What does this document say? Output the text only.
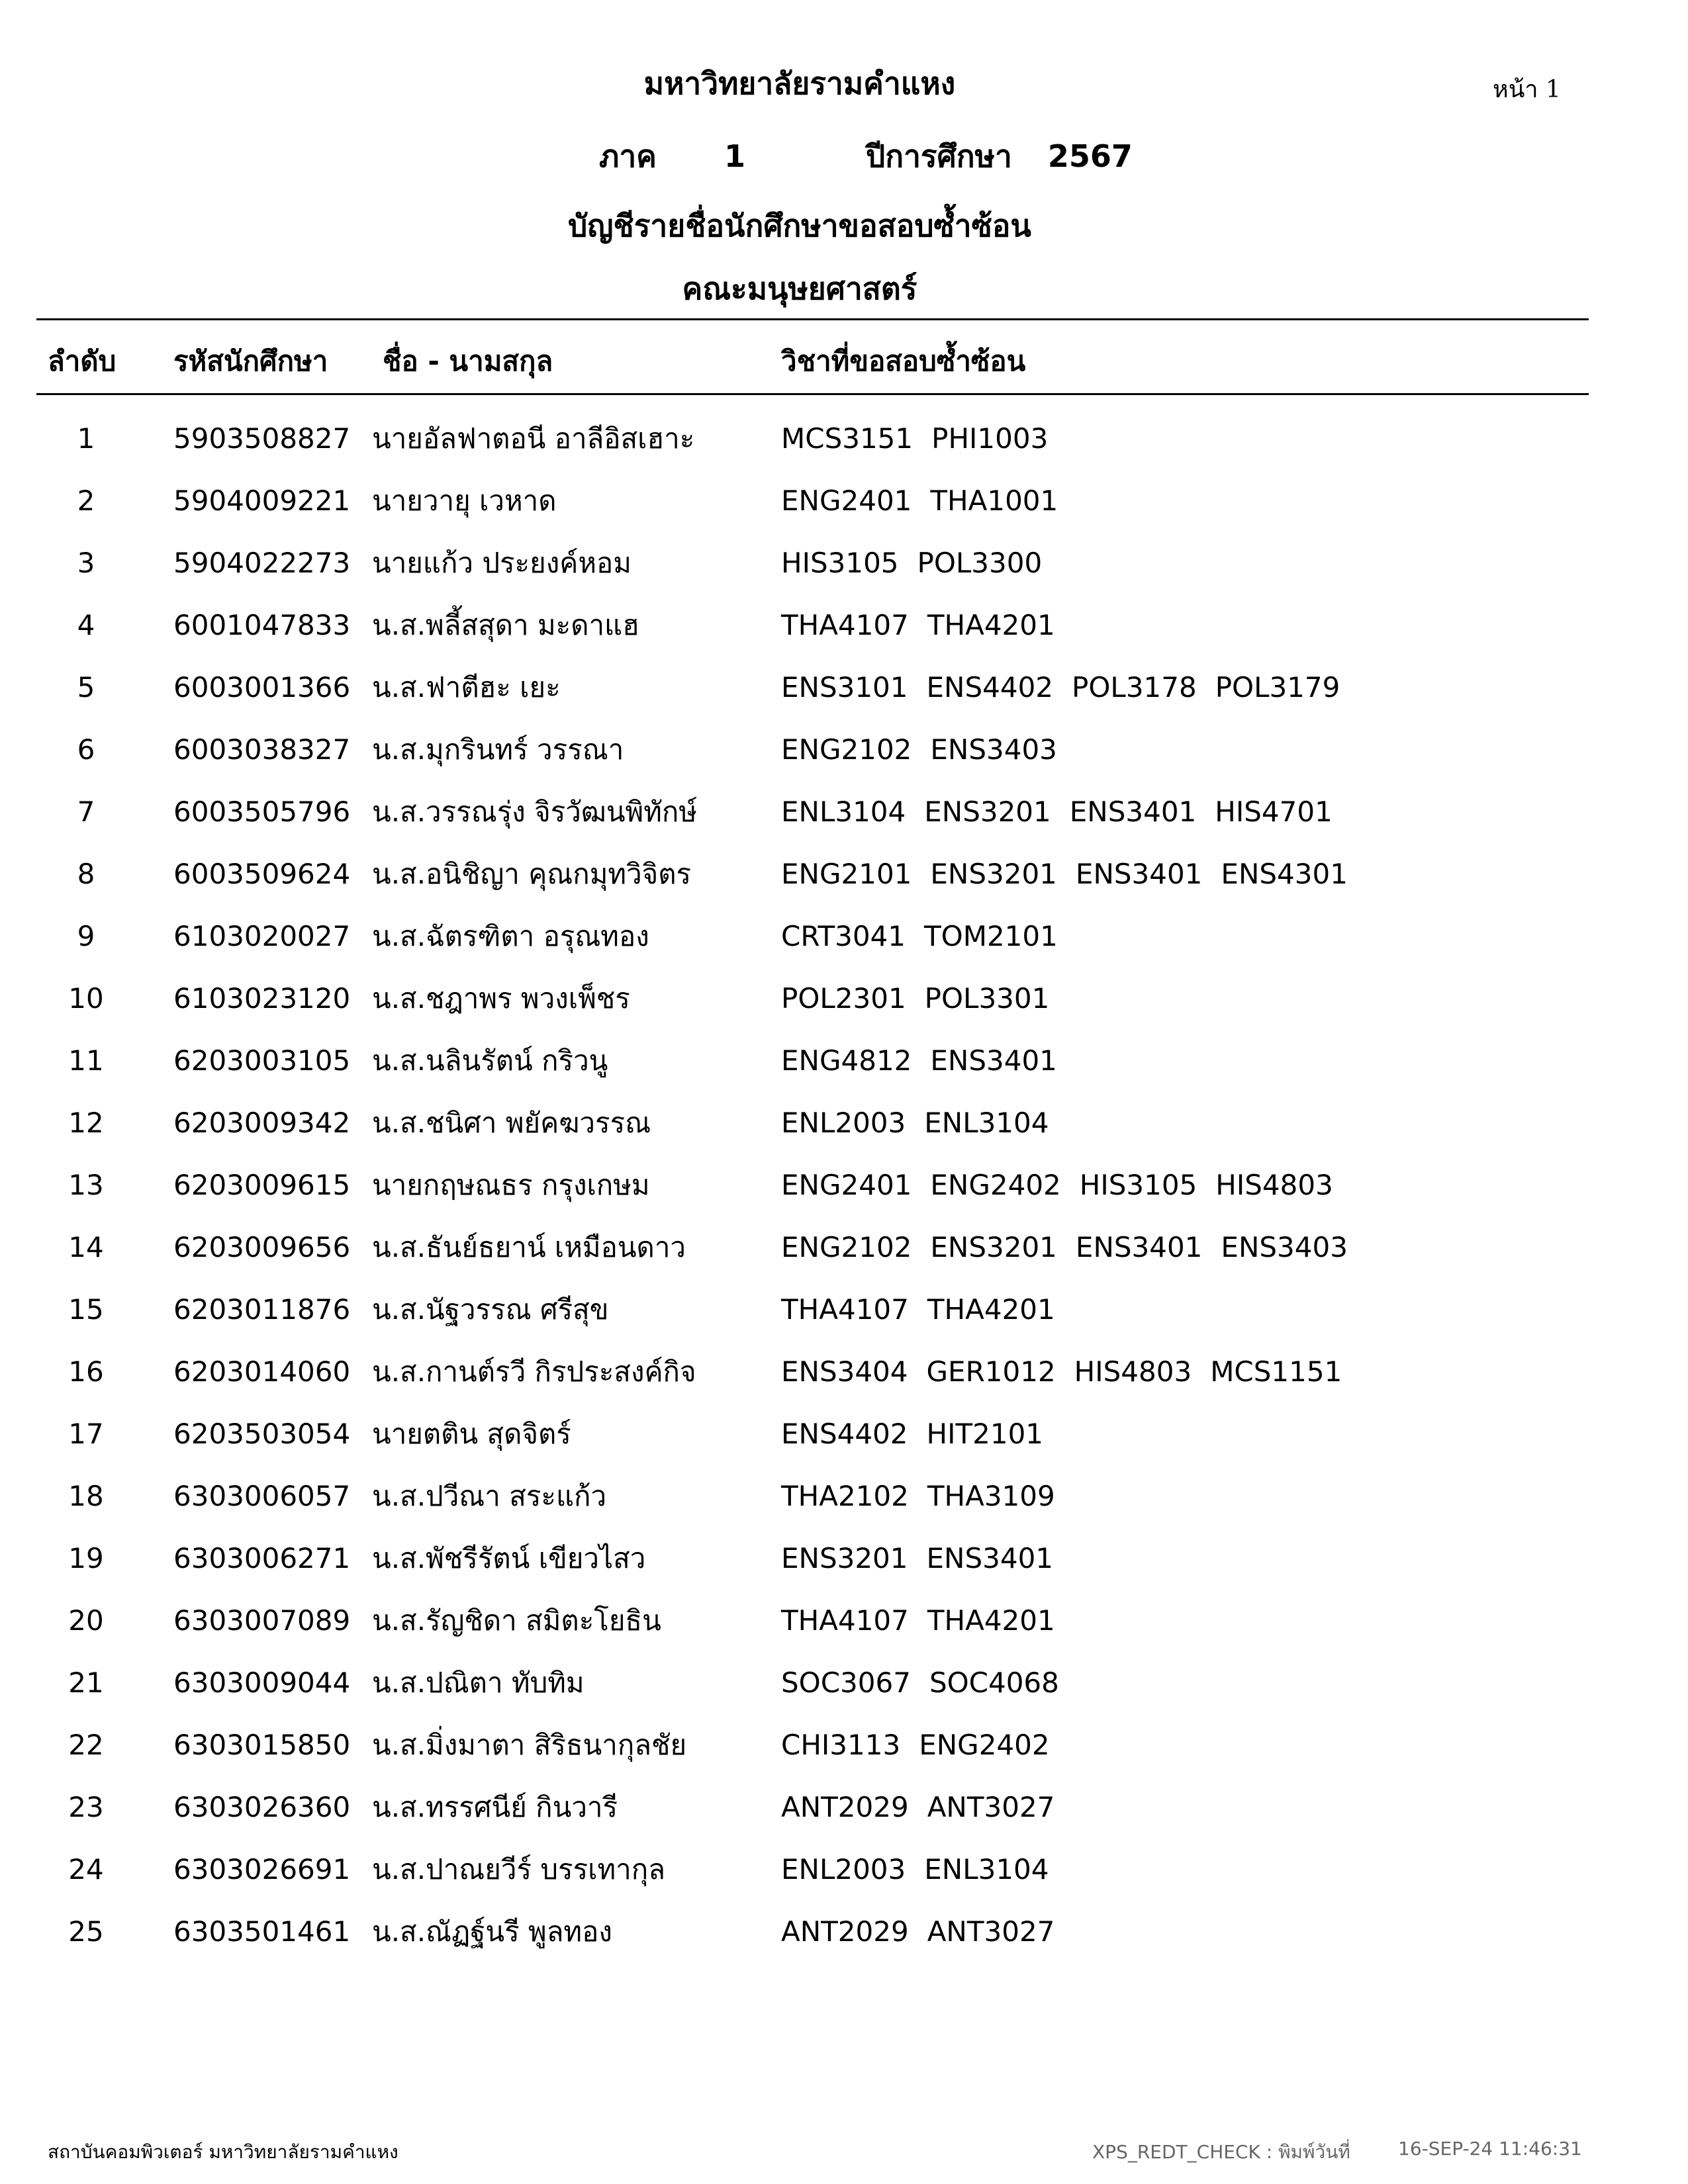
มหาวิทยาลัยรามคำแหง	หน้า 1
ภาค 1	ปีการศึกษา 2567
บัญชีรายชื่อนักศึกษาขอสอบซ้ำซ้อน
คณะมนุษยศาสตร์
ลำดับ รหัสนักศึกษา ชื่อ - นามสกุล	วิชาที่ขอสอบซ้ำซ้อน
1	5903508827 นายอัลฟาตอนี อาลีอิสเฮาะ	MCS3151 PHI1003
2	5904009221 นายวายุ เวหาด	ENG2401 THA1001
3	5904022273 นายแก้ว ประยงค์หอม	HIS3105 POL3300
4	6001047833 น.ส.พลี้สสุดา มะดาแฮ	THA4107 THA4201
5	6003001366 น.ส.ฟาตีฮะ เยะ	ENS3101 ENS4402 POL3178 POL3179
6	6003038327 น.ส.มุกรินทร์ วรรณา	ENG2102 ENS3403
7	6003505796 น.ส.วรรณรุ่ง จิรวัฒนพิทักษ์	ENL3104 ENS3201 ENS3401 HIS4701
8	6003509624 น.ส.อนิชิญา คุณกมุทวิจิตร	ENG2101 ENS3201 ENS3401 ENS4301
9	6103020027 น.ส.ฉัตรฑิตา อรุณทอง	CRT3041 TOM2101
10	6103023120 น.ส.ชฎาพร พวงเพ็ชร	POL2301 POL3301
11	6203003105 น.ส.นลินรัตน์ กริวนู	ENG4812 ENS3401
12	6203009342 น.ส.ชนิศา พยัคฆวรรณ	ENL2003 ENL3104
13	6203009615 นายกฤษณธร กรุงเกษม	ENG2401 ENG2402 HIS3105 HIS4803
14	6203009656 น.ส.ธันย์ธยาน์ เหมือนดาว	ENG2102 ENS3201 ENS3401 ENS3403
15	6203011876 น.ส.นัฐวรรณ ศรีสุข	THA4107 THA4201
16	6203014060 น.ส.กานต์รวี กิรประสงค์กิจ	ENS3404 GER1012 HIS4803 MCS1151
17	6203503054 นายตติน สุดจิตร์	ENS4402 HIT2101
18	6303006057 น.ส.ปวีณา สระแก้ว	THA2102 THA3109
19	6303006271 น.ส.พัชรีรัตน์ เขียวไสว	ENS3201 ENS3401
20	6303007089 น.ส.รัญชิดา สมิตะโยธิน	THA4107 THA4201
21	6303009044 น.ส.ปณิตา ทับทิม	SOC3067 SOC4068
22	6303015850 น.ส.มิ่งมาตา สิริธนากุลชัย	CHI3113 ENG2402
23	6303026360 น.ส.ทรรศนีย์ กินวารี	ANT2029 ANT3027
24	6303026691 น.ส.ปาณยวีร์ บรรเทากุล	ENL2003 ENL3104
25	6303501461 น.ส.ณัฏฐ์นรี พูลทอง	ANT2029 ANT3027
สถาบันคอมพิวเตอร์ มหาวิทยาลัยรามคำแหง	XPS_REDT_CHECK : พิมพ์วันที่	16-SEP-24 11:46:31
